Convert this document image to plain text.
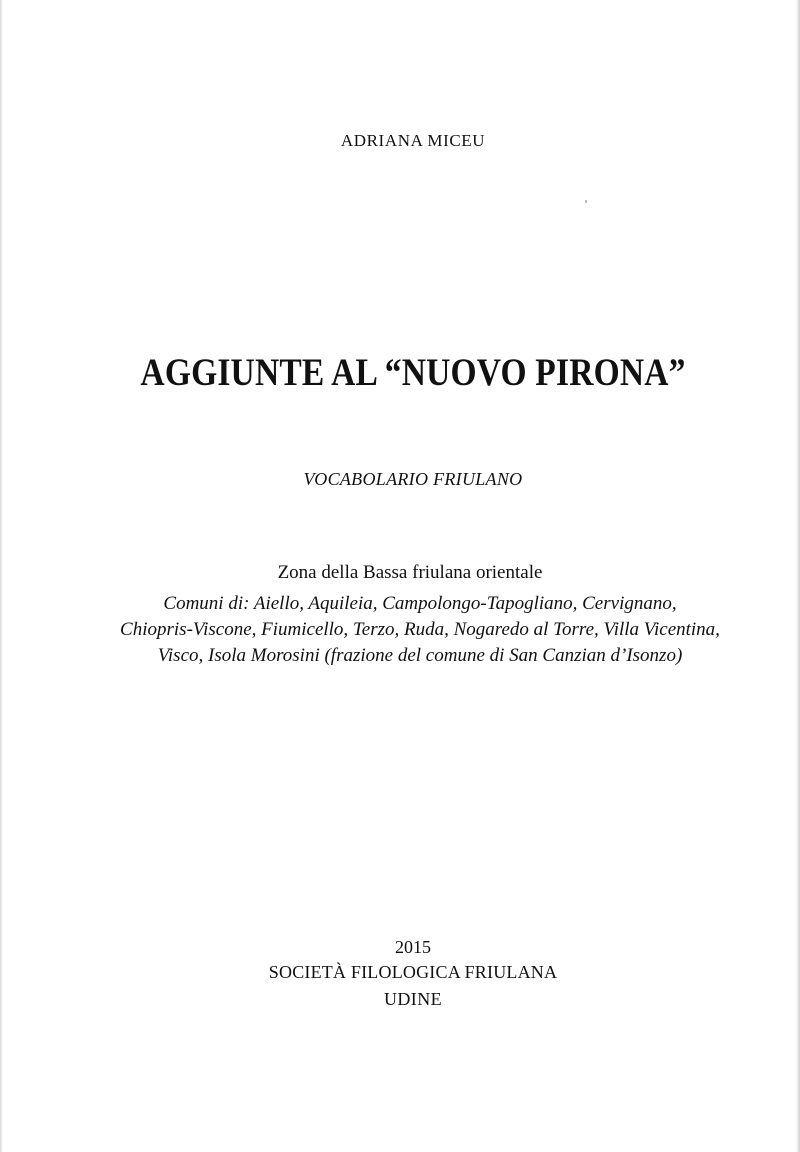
ADRIANA MICEU
AGGIUNTE AL “NUOVO PIRONA”
VOCABOLARIO FRIULANO
Zona della Bassa friulana orientale
Comuni di: Aiello, Aquileia, Campolongo-Tapogliano, Cervignano,
Chiopris-Viscone, Fiumicello, Terzo, Ruda, Nogaredo al Torre, Villa Vicentina,
Visco, Isola Morosini (frazione del comune di San Canzian d’Isonzo)
2015
SOCIETÀ FILOLOGICA FRIULANA
UDINE
